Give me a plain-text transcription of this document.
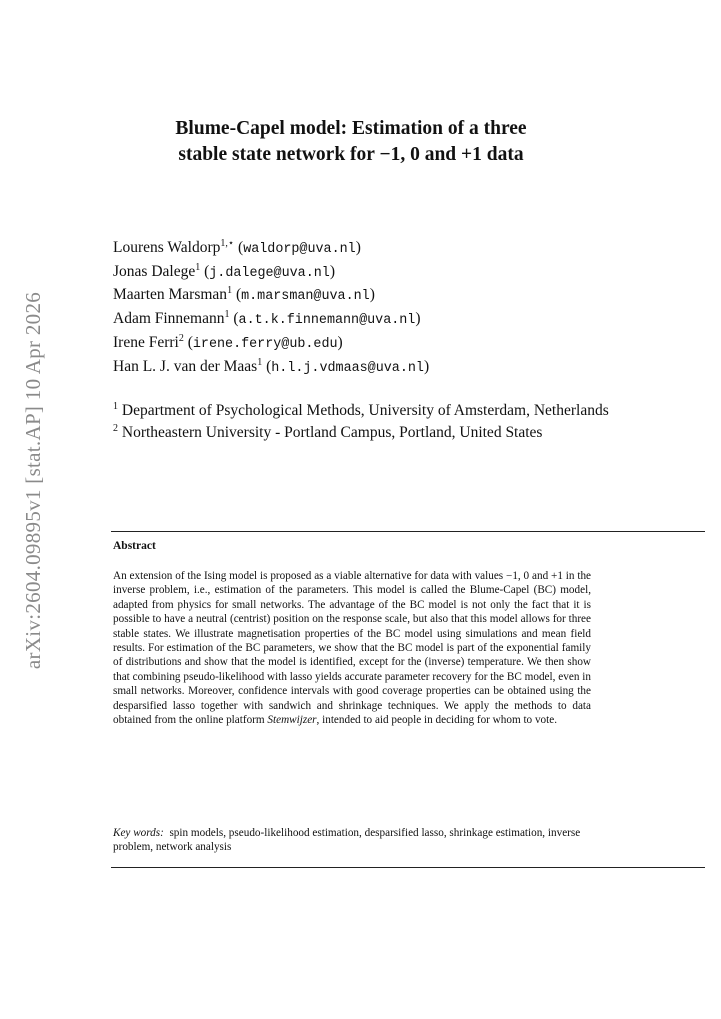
arXiv:2604.09895v1 [stat.AP] 10 Apr 2026
Blume-Capel model: Estimation of a three
stable state network for −1, 0 and +1 data
Lourens Waldorp$^{1,⋆}$ (waldorp@uva.nl)
Jonas Dalege$^1$ (j.dalege@uva.nl)
Maarten Marsman$^1$ (m.marsman@uva.nl)
Adam Finnemann$^1$ (a.t.k.finnemann@uva.nl)
Irene Ferri$^2$ (irene.ferry@ub.edu)
Han L. J. van der Maas$^1$ (h.l.j.vdmaas@uva.nl)
$^1$ Department of Psychological Methods, University of Amsterdam, Netherlands
$^2$ Northeastern University - Portland Campus, Portland, United States
Abstract
An extension of the Ising model is proposed as a viable alternative for data with values −1, 0 and +1 in the inverse problem, i.e., estimation of the parameters. This model is called the Blume-Capel (BC) model, adapted from physics for small networks. The advantage of the BC model is not only the fact that it is possible to have a neutral (centrist) position on the response scale, but also that this model allows for three stable states. We illustrate magnetisation properties of the BC model using simulations and mean field results. For estimation of the BC parameters, we show that the BC model is part of the exponential family of distributions and show that the model is identified, except for the (inverse) temperature. We then show that combining pseudo-likelihood with lasso yields accurate parameter recovery for the BC model, even in small networks. Moreover, confidence intervals with good coverage properties can be obtained using the desparsified lasso together with sandwich and shrinkage techniques. We apply the methods to data obtained from the online platform Stemwijzer, intended to aid people in deciding for whom to vote.
Key words: spin models, pseudo-likelihood estimation, desparsified lasso, shrinkage estimation, inverse problem, network analysis
